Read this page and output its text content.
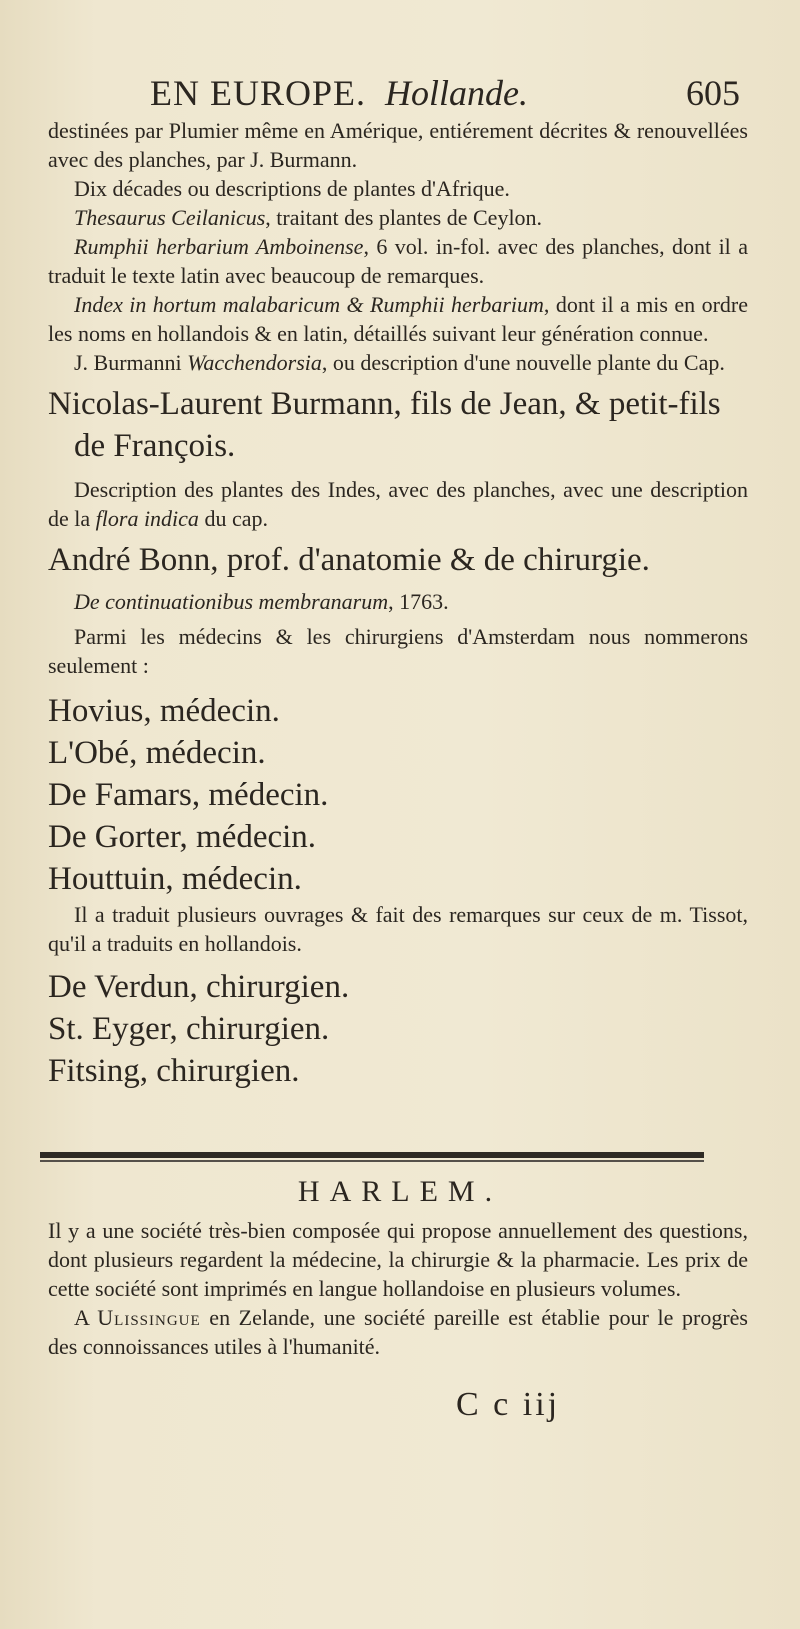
EN EUROPE. Hollande.	605

destinées par Plumier même en Amérique, entiérement décrites & renouvellées avec des planches, par J. Burmann.

Dix décades ou descriptions de plantes d'Afrique.

Thesaurus Ceilanicus, traitant des plantes de Ceylon.

Rumphii herbarium Amboinense, 6 vol. in-fol. avec des planches, dont il a traduit le texte latin avec beaucoup de remarques.

Index in hortum malabaricum & Rumphii herbarium, dont il a mis en ordre les noms en hollandois & en latin, détaillés suivant leur génération connue.

J. Burmanni Wacchendorsia, ou description d'une nouvelle plante du Cap.

Nicolas-Laurent Burmann, fils de Jean, & petit-fils de François.

Description des plantes des Indes, avec des planches, avec une description de la flora indica du cap.

André Bonn, prof. d'anatomie & de chirurgie.

De continuationibus membranarum, 1763.

Parmi les médecins & les chirurgiens d'Amsterdam nous nommerons seulement :

Hovius, médecin.

L'Obé, médecin.

De Famars, médecin.

De Gorter, médecin.

Houttuin, médecin.

Il a traduit plusieurs ouvrages & fait des remarques sur ceux de m. Tissot, qu'il a traduits en hollandois.

De Verdun, chirurgien.

St. Eyger, chirurgien.

Fitsing, chirurgien.

HARLEM.

Il y a une société très-bien composée qui propose annuellement des questions, dont plusieurs regardent la médecine, la chirurgie & la pharmacie. Les prix de cette société sont imprimés en langue hollandoise en plusieurs volumes.

A Ulissingue en Zelande, une société pareille est établie pour le progrès des connoissances utiles à l'humanité.

C c iij
